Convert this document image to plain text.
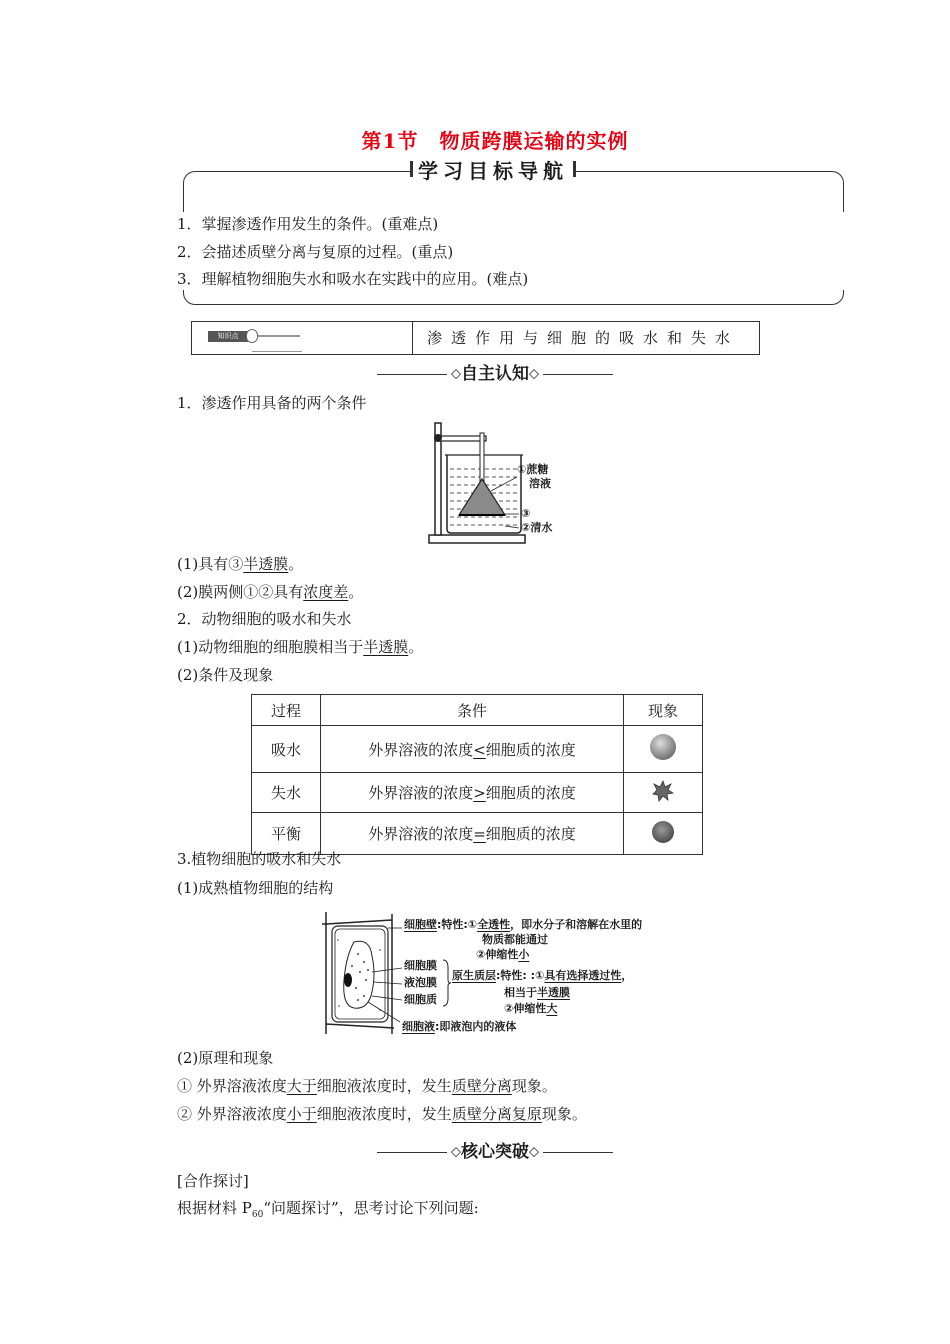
第1节　物质跨膜运输的实例
学习目标导航
1．掌握渗透作用发生的条件。(重难点)
2．会描述质壁分离与复原的过程。(重点)
3．理解植物细胞失水和吸水在实践中的应用。(难点)
知识点	渗透作用与细胞的吸水和失水
◇自主认知◇
1．渗透作用具备的两个条件
①蔗糖
溶液
③
②清水
(1)具有③半透膜。
(2)膜两侧①②具有浓度差。
2．动物细胞的吸水和失水
(1)动物细胞的细胞膜相当于半透膜。
(2)条件及现象
过程	条件	现象
吸水	外界溶液的浓度<细胞质的浓度	
失水	外界溶液的浓度>细胞质的浓度	
平衡	外界溶液的浓度=细胞质的浓度	
3.植物细胞的吸水和失水
(1)成熟植物细胞的结构
细胞壁:特性:①全透性，即水分子和溶解在水里的
物质都能通过
②伸缩性小
细胞膜
液泡膜
细胞质
原生质层:特性: :①具有选择透过性，
相当于半透膜
②伸缩性大
细胞液:即液泡内的液体
(2)原理和现象
① 外界溶液浓度大于细胞液浓度时，发生质壁分离现象。
② 外界溶液浓度小于细胞液浓度时，发生质壁分离复原现象。
◇核心突破◇
[合作探讨]
根据材料 $P_{60}“$问题探讨”，思考讨论下列问题:
